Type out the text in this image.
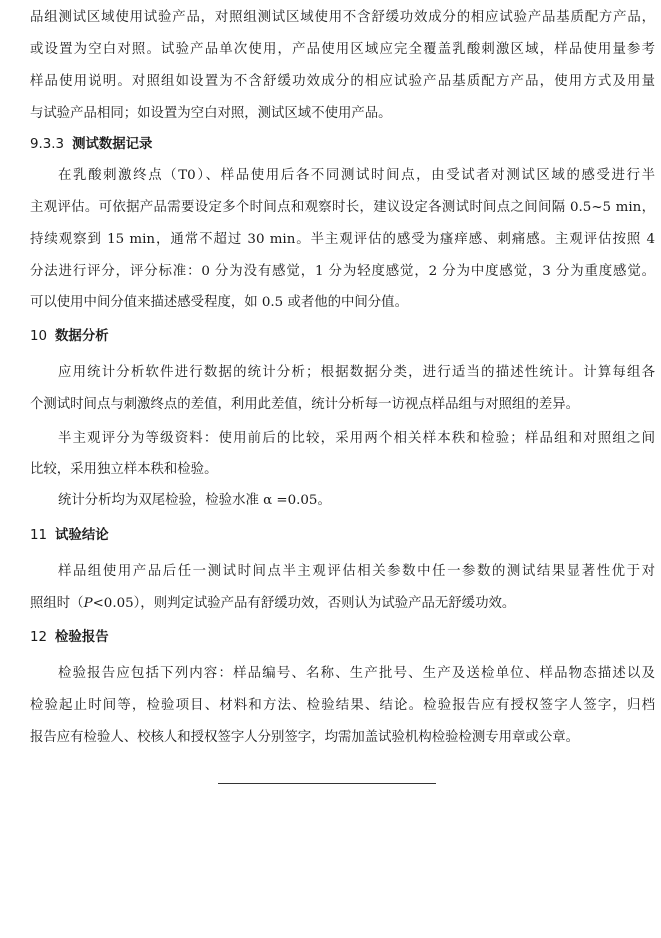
品组测试区域使用试验产品，对照组测试区域使用不含舒缓功效成分的相应试验产品基质配方产品，
或设置为空白对照。试验产品单次使用，产品使用区域应完全覆盖乳酸刺激区域，样品使用量参考
样品使用说明。对照组如设置为不含舒缓功效成分的相应试验产品基质配方产品，使用方式及用量
与试验产品相同；如设置为空白对照，测试区域不使用产品。
9.3.3 测试数据记录
在乳酸刺激终点（T0）、样品使用后各不同测试时间点，由受试者对测试区域的感受进行半
主观评估。可依据产品需要设定多个时间点和观察时长，建议设定各测试时间点之间间隔 0.5~5 min，
持续观察到 15 min，通常不超过 30 min。半主观评估的感受为瘙痒感、刺痛感。主观评估按照 4
分法进行评分，评分标准：0 分为没有感觉，1 分为轻度感觉，2 分为中度感觉，3 分为重度感觉。
可以使用中间分值来描述感受程度，如 0.5 或者他的中间分值。
10 数据分析
应用统计分析软件进行数据的统计分析；根据数据分类，进行适当的描述性统计。计算每组各
个测试时间点与刺激终点的差值，利用此差值，统计分析每一访视点样品组与对照组的差异。
半主观评分为等级资料：使用前后的比较，采用两个相关样本秩和检验；样品组和对照组之间
比较，采用独立样本秩和检验。
统计分析均为双尾检验，检验水准 α =0.05。
11 试验结论
样品组使用产品后任一测试时间点半主观评估相关参数中任一参数的测试结果显著性优于对
照组时（P<0.05），则判定试验产品有舒缓功效，否则认为试验产品无舒缓功效。
12 检验报告
检验报告应包括下列内容：样品编号、名称、生产批号、生产及送检单位、样品物态描述以及
检验起止时间等，检验项目、材料和方法、检验结果、结论。检验报告应有授权签字人签字，归档
报告应有检验人、校核人和授权签字人分别签字，均需加盖试验机构检验检测专用章或公章。
